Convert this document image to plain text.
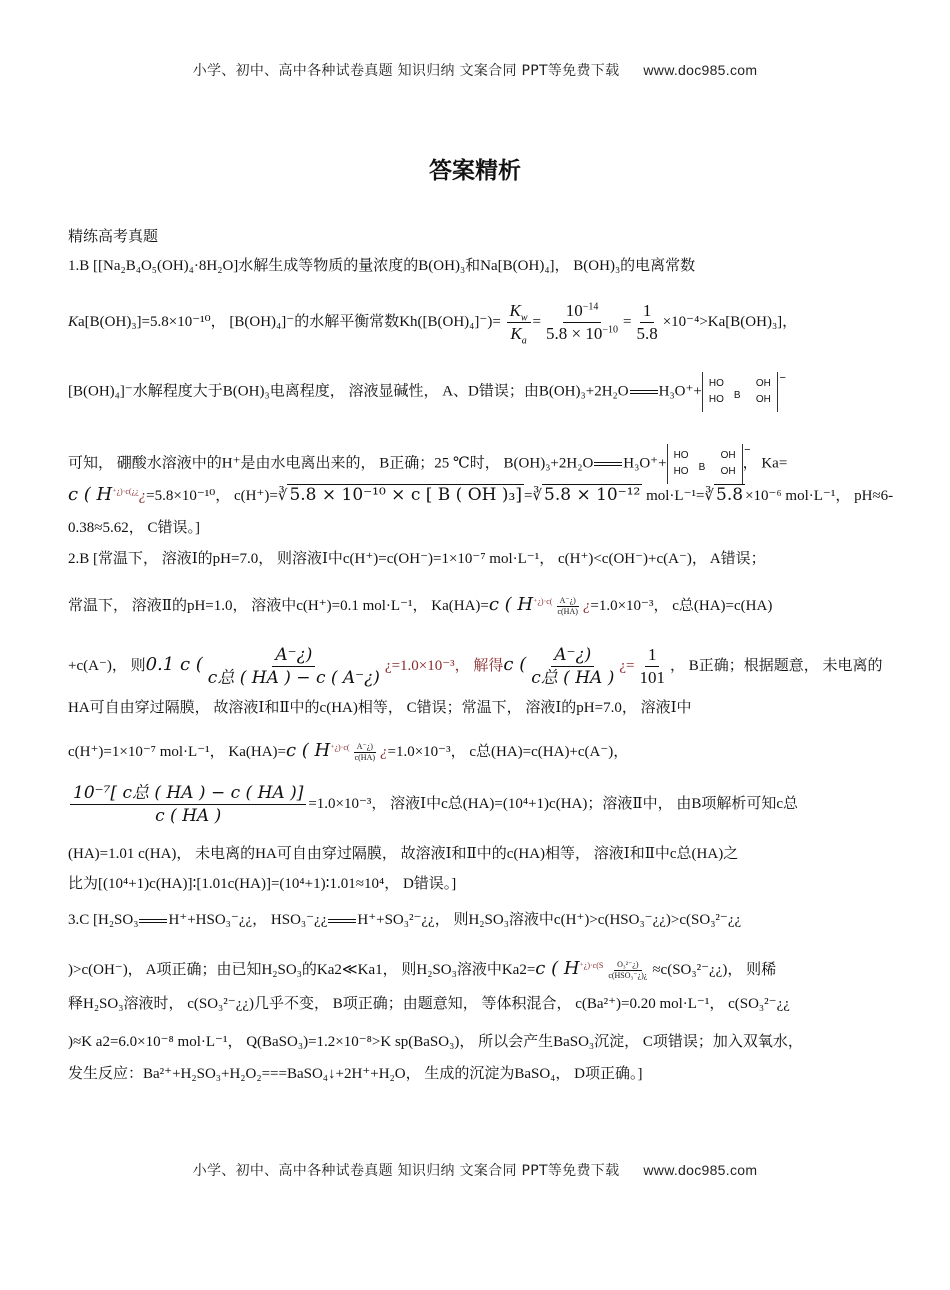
小学、初中、高中各种试卷真题 知识归纳 文案合同 PPT等免费下载 www.doc985.com
答案精析
精练高考真题
1.B [[Na₂B₄O₅(OH)₄·8H₂O]水解生成等物质的量浓度的B(OH)₃和Na[B(OH)₄]， B(OH)₃的电离常数
Ka[B(OH)₃]=5.8×10⁻¹⁰， [B(OH)₄]⁻的水解平衡常数$Kh([B(OH)_4]^-)= \frac{K_w}{K_a} = \frac{10^{-14}}{5.8 \times 10^{-10}} = \frac{1}{5.8} \times 10^{-4}>Ka[B(OH)_3]$，
[B(OH)₄]⁻水解程度大于B(OH)₃电离程度， 溶液显碱性， A、D错误；由B(OH)₃+2H₂O H₃O⁺+ HO	OH
B
HO	OH
−
可知， 硼酸水溶液中的H⁺是由水电离出来的， B正确；25 ℃时， B(OH)₃+2H₂O H₃O⁺+ HO	OH
B
HO	OH
−
， Ka=
c ( $H^{^+¿)\cdot c(¿¿}¿=5.8\times 10^{-10}$， c(H⁺)=∛ 5.8 × 10⁻¹⁰ × c [ B ( OH )₃] =∛ 5.8 × 10⁻¹² mol·L⁻¹=∛ 5.8 ×10⁻⁶ mol·L⁻¹， pH≈6-
0.38≈5.62， C错误。]
2.B [常温下， 溶液Ⅰ的pH=7.0， 则溶液Ⅰ中c(H⁺)=c(OH⁻)=1×10⁻⁷ mol·L⁻¹， c(H⁺)<c(OH⁻)+c(A⁻)， A错误；
常温下， 溶液Ⅱ的pH=1.0， 溶液中c(H⁺)=0.1 mol·L⁻¹， Ka(HA)=c ( $H^{^+¿)\cdot c(} \frac{A^-¿)}{c(HA)}$ ¿=1.0×10⁻³， c总(HA)=c(HA)
+c(A⁻)， 则0.1 c ( $\frac{A^-¿)}{\text{c总 ( HA ) − c ( A⁻¿)}}$ ¿=1.0×10⁻³， 解得c ( $\frac{A^-¿)}{\text{c总 ( HA )}}$ ¿= $\frac{1}{101}$ ， B正确；根据题意， 未电离的
HA可自由穿过隔膜， 故溶液Ⅰ和Ⅱ中的c(HA)相等， C错误；常温下， 溶液Ⅰ的pH=7.0， 溶液Ⅰ中
c(H⁺)=1×10⁻⁷ mol·L⁻¹， Ka(HA)=c ( $H^{^+¿)\cdot c(} \frac{A^-¿)}{c(HA)}$ ¿=1.0×10⁻³， c总(HA)=c(HA)+c(A⁻)，
$\frac{\text{10⁻⁷[ c总 ( HA ) − c ( HA )]}}{c ( HA )} =1.0\times 10^{-3}$， 溶液Ⅰ中c总(HA)=(10⁴+1)c(HA)；溶液Ⅱ中， 由B项解析可知c总
(HA)=1.01 c(HA)， 未电离的HA可自由穿过隔膜， 故溶液Ⅰ和Ⅱ中的c(HA)相等， 溶液Ⅰ和Ⅱ中c总(HA)之
比为[(10⁴+1)c(HA)]∶[1.01c(HA)]=(10⁴+1)∶1.01≈10⁴， D错误。]
3.C [H₂SO₃ H⁺+HSO₃⁻¿¿， HSO₃⁻¿¿ H⁺+SO₃²⁻¿¿， 则H₂SO₃溶液中c(H⁺)>c(HSO₃⁻¿¿)>c(SO₃²⁻¿¿
)>c(OH⁻)， A项正确；由已知H₂SO₃的Ka2≪Ka1， 则H₂SO₃溶液中Ka2=c ( $H^{^+¿)\cdot c(S} \frac{\text{O₃²⁻¿)}}{\text{c(HSO₃⁻¿)¿}}$ ≈c(SO₃²⁻¿¿)， 则稀
释H₂SO₃溶液时， c(SO₃²⁻¿¿)几乎不变， B项正确；由题意知， 等体积混合， c(Ba²⁺)=0.20 mol·L⁻¹， c(SO₃²⁻¿¿
)≈K a2=6.0×10⁻⁸ mol·L⁻¹， Q(BaSO₃)=1.2×10⁻⁸>K sp(BaSO₃)， 所以会产生BaSO₃沉淀， C项错误；加入双氧水，
发生反应：Ba²⁺+H₂SO₃+H₂O₂===BaSO₄↓+2H⁺+H₂O， 生成的沉淀为BaSO₄， D项正确。]
小学、初中、高中各种试卷真题 知识归纳 文案合同 PPT等免费下载 www.doc985.com
